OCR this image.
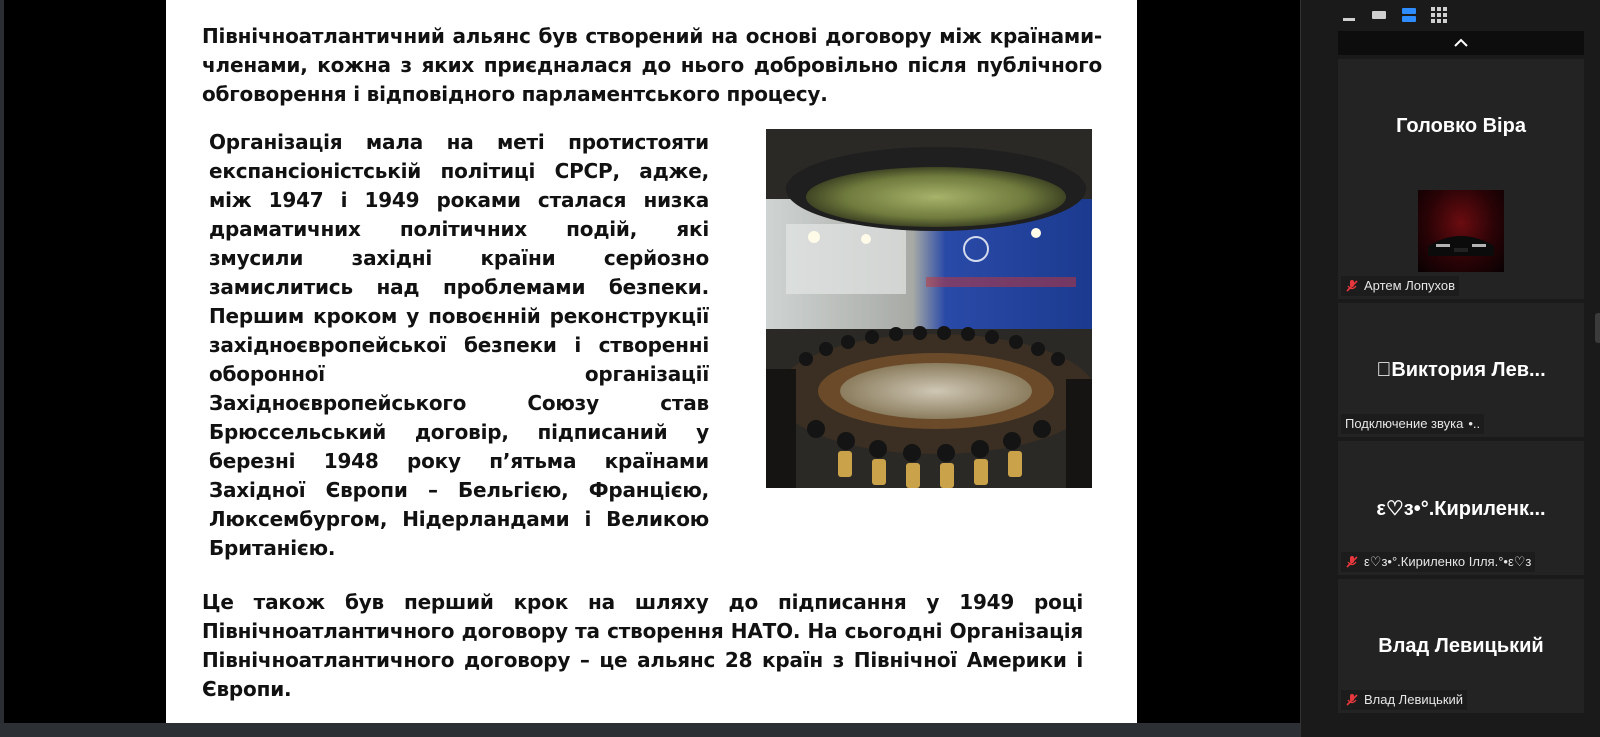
Північноатлантичний альянс був створений на основі договору між країнами-членами, кожна з яких приєдналася до нього добровільно після публічного обговорення і відповідного парламентського процесу.
Організація мала на меті протистояти експансіоністській політиці СРСР, адже, між 1947 і 1949 роками сталася низка драматичних політичних подій, які змусили західні країни серйозно замислитись над проблемами безпеки. Першим кроком у повоєнній реконструкції західноєвропейської безпеки і створенні оборонної організації Західноєвропейського Союзу став Брюссельський договір, підписаний у березні 1948 року п’ятьма країнами Західної Європи – Бельгією, Францією, Люксембургом, Нідерландами і Великою Британією.
Це також був перший крок на шляху до підписання у 1949 році Північноатлантичного договору та створення НАТО. На сьогодні Організація Північноатлантичного договору – це альянс 28 країн з Північної Америки і Європи.
Головко Віра
Артем Лопухов
 Виктория Лев...
Подключение звука •..
ε♡з•°.Кириленк...
ε♡з•°.Кириленко Ілля.°•ε♡з
Влад Левицький
Влад Левицький
